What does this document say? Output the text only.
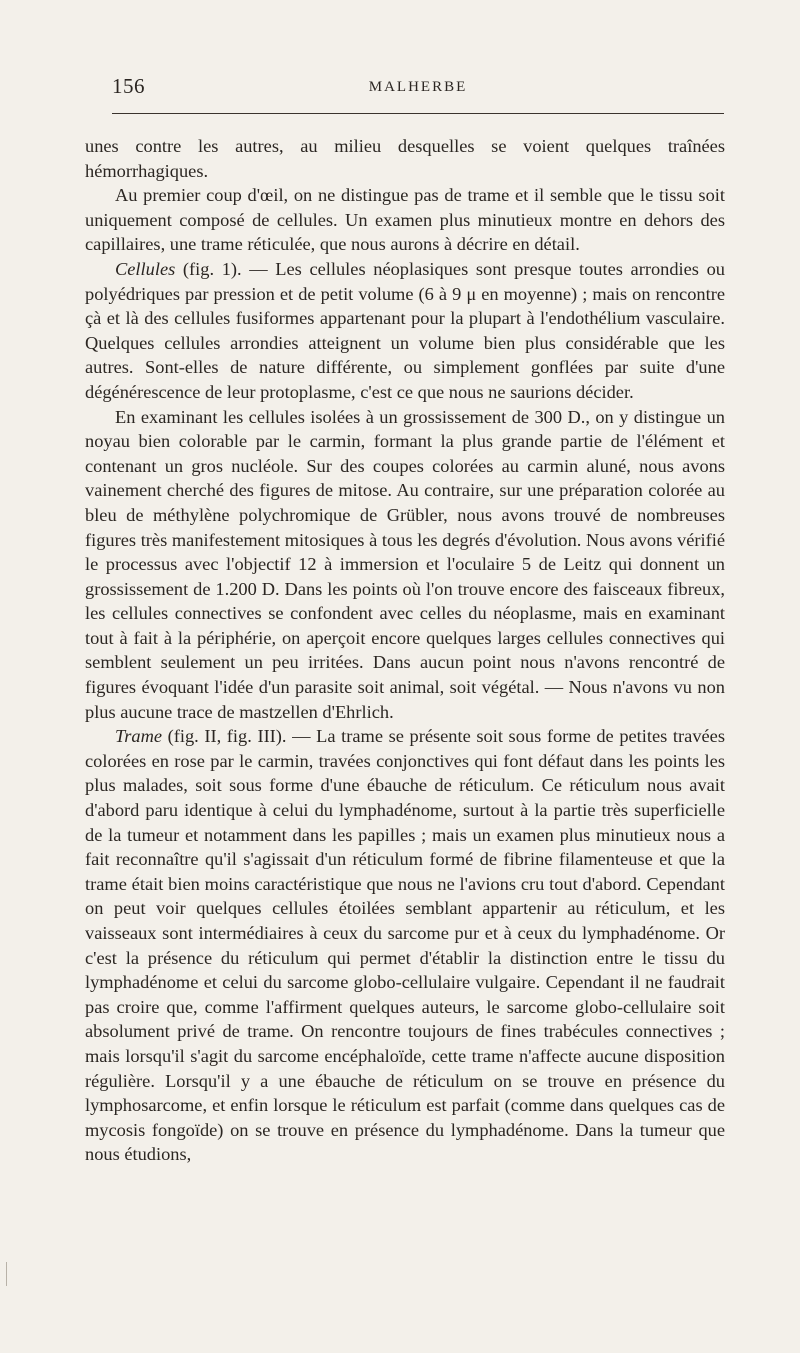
156	MALHERBE

unes contre les autres, au milieu desquelles se voient quelques traînées hémorrhagiques.

Au premier coup d'œil, on ne distingue pas de trame et il semble que le tissu soit uniquement composé de cellules. Un examen plus minutieux montre en dehors des capillaires, une trame réticulée, que nous aurons à décrire en détail.

Cellules (fig. 1). — Les cellules néoplasiques sont presque toutes arrondies ou polyédriques par pression et de petit volume (6 à 9 μ en moyenne) ; mais on rencontre çà et là des cellules fusiformes appartenant pour la plupart à l'endothélium vasculaire. Quelques cellules arrondies atteignent un volume bien plus considérable que les autres. Sont-elles de nature différente, ou simplement gonflées par suite d'une dégénérescence de leur protoplasme, c'est ce que nous ne saurions décider.

En examinant les cellules isolées à un grossissement de 300 D., on y distingue un noyau bien colorable par le carmin, formant la plus grande partie de l'élément et contenant un gros nucléole. Sur des coupes colorées au carmin aluné, nous avons vainement cherché des figures de mitose. Au contraire, sur une préparation colorée au bleu de méthylène polychromique de Grübler, nous avons trouvé de nombreuses figures très manifestement mitosiques à tous les degrés d'évolution. Nous avons vérifié le processus avec l'objectif 12 à immersion et l'oculaire 5 de Leitz qui donnent un grossissement de 1.200 D. Dans les points où l'on trouve encore des faisceaux fibreux, les cellules connectives se confondent avec celles du néoplasme, mais en examinant tout à fait à la périphérie, on aperçoit encore quelques larges cellules connectives qui semblent seulement un peu irritées. Dans aucun point nous n'avons rencontré de figures évoquant l'idée d'un parasite soit animal, soit végétal. — Nous n'avons vu non plus aucune trace de mastzellen d'Ehrlich.

Trame (fig. II, fig. III). — La trame se présente soit sous forme de petites travées colorées en rose par le carmin, travées conjonctives qui font défaut dans les points les plus malades, soit sous forme d'une ébauche de réticulum. Ce réticulum nous avait d'abord paru identique à celui du lymphadénome, surtout à la partie très superficielle de la tumeur et notamment dans les papilles ; mais un examen plus minutieux nous a fait reconnaître qu'il s'agissait d'un réticulum formé de fibrine filamenteuse et que la trame était bien moins caractéristique que nous ne l'avions cru tout d'abord. Cependant on peut voir quelques cellules étoilées semblant appartenir au réticulum, et les vaisseaux sont intermédiaires à ceux du sarcome pur et à ceux du lymphadénome. Or c'est la présence du réticulum qui permet d'établir la distinction entre le tissu du lymphadénome et celui du sarcome globo-cellulaire vulgaire. Cependant il ne faudrait pas croire que, comme l'affirment quelques auteurs, le sarcome globo-cellulaire soit absolument privé de trame. On rencontre toujours de fines trabécules connectives ; mais lorsqu'il s'agit du sarcome encéphaloïde, cette trame n'affecte aucune disposition régulière. Lorsqu'il y a une ébauche de réticulum on se trouve en présence du lymphosarcome, et enfin lorsque le réticulum est parfait (comme dans quelques cas de mycosis fongoïde) on se trouve en présence du lymphadénome. Dans la tumeur que nous étudions,
